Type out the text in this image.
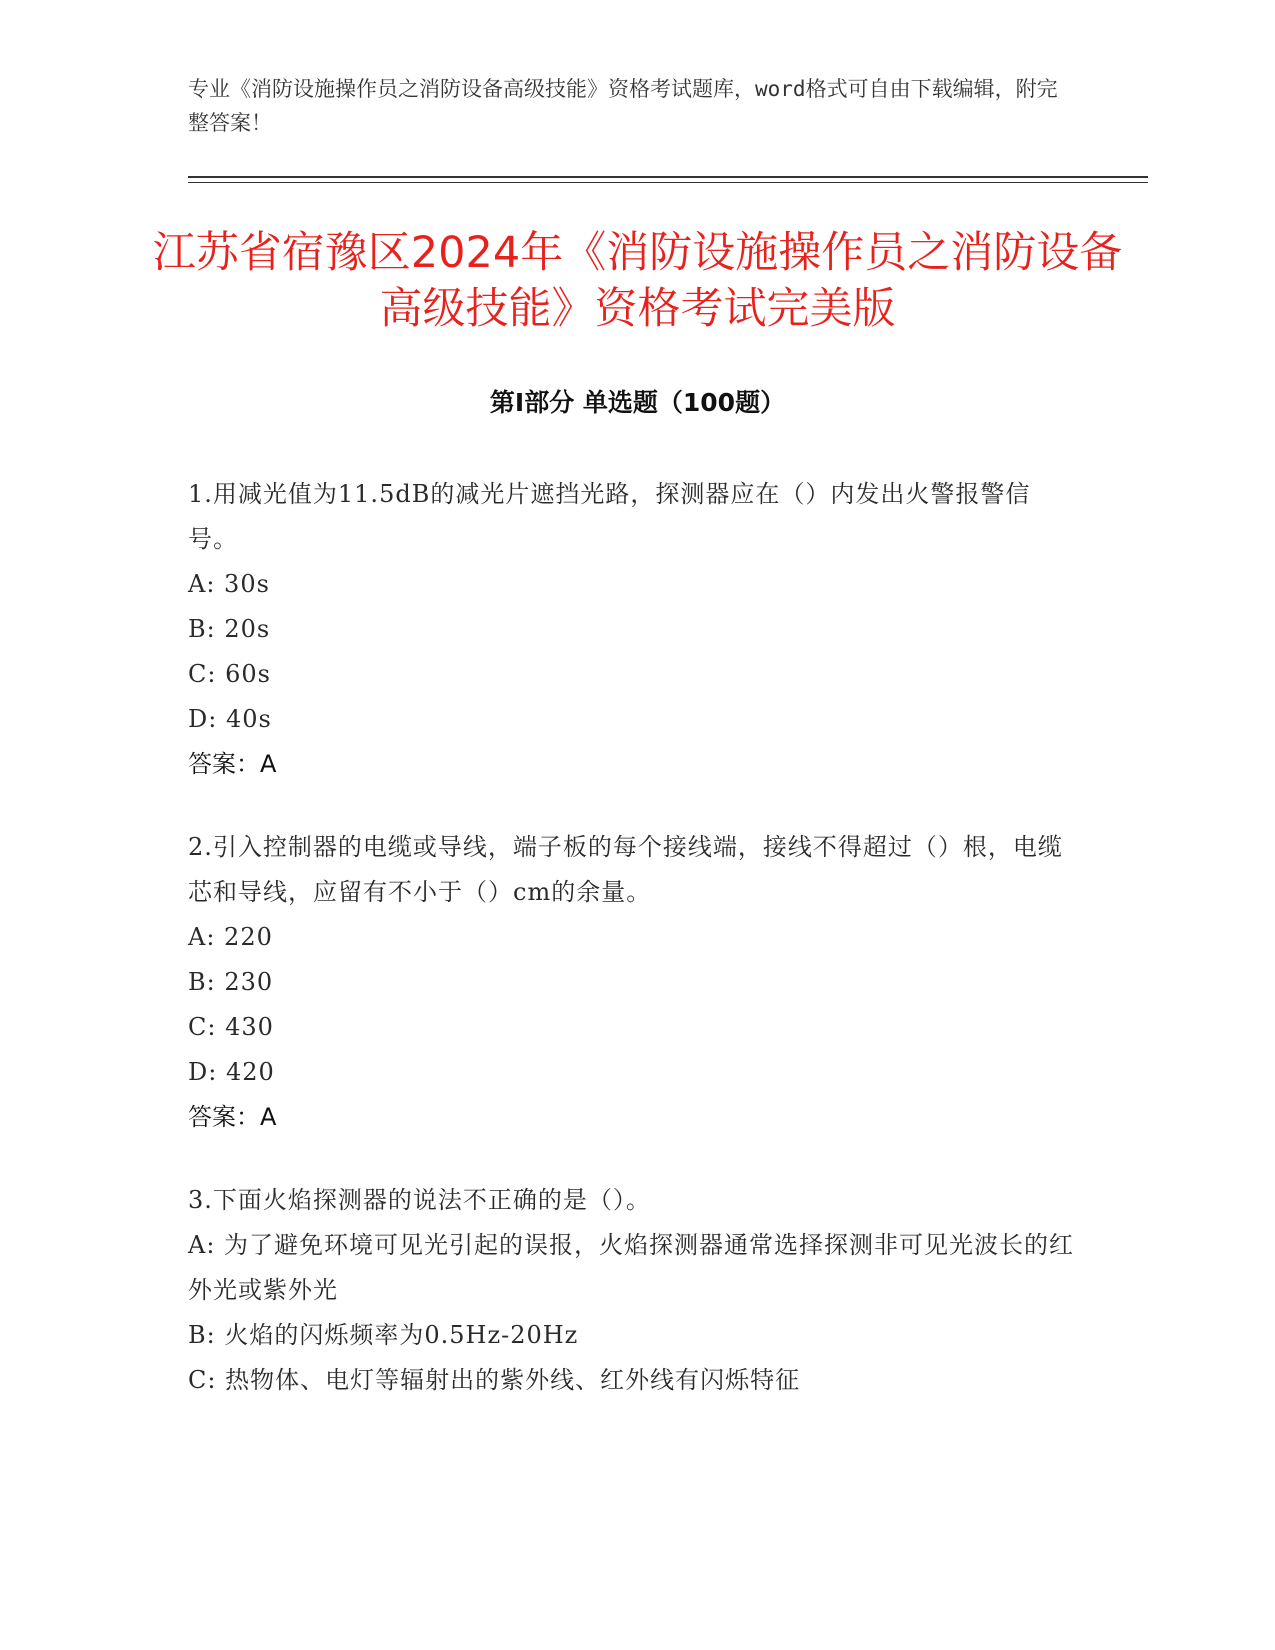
专业《消防设施操作员之消防设备高级技能》资格考试题库，word格式可自由下载编辑，附完整答案！
江苏省宿豫区2024年《消防设施操作员之消防设备高级技能》资格考试完美版
第Ⅰ部分 单选题（100题）
1.用减光值为11.5dB的减光片遮挡光路，探测器应在（）内发出火警报警信号。
A: 30s
B: 20s
C: 60s
D: 40s
答案：A
2.引入控制器的电缆或导线，端子板的每个接线端，接线不得超过（）根，电缆芯和导线，应留有不小于（）cm的余量。
A: 220
B: 230
C: 430
D: 420
答案：A
3.下面火焰探测器的说法不正确的是（）。
A: 为了避免环境可见光引起的误报，火焰探测器通常选择探测非可见光波长的红外光或紫外光
B: 火焰的闪烁频率为0.5Hz-20Hz
C: 热物体、电灯等辐射出的紫外线、红外线有闪烁特征
